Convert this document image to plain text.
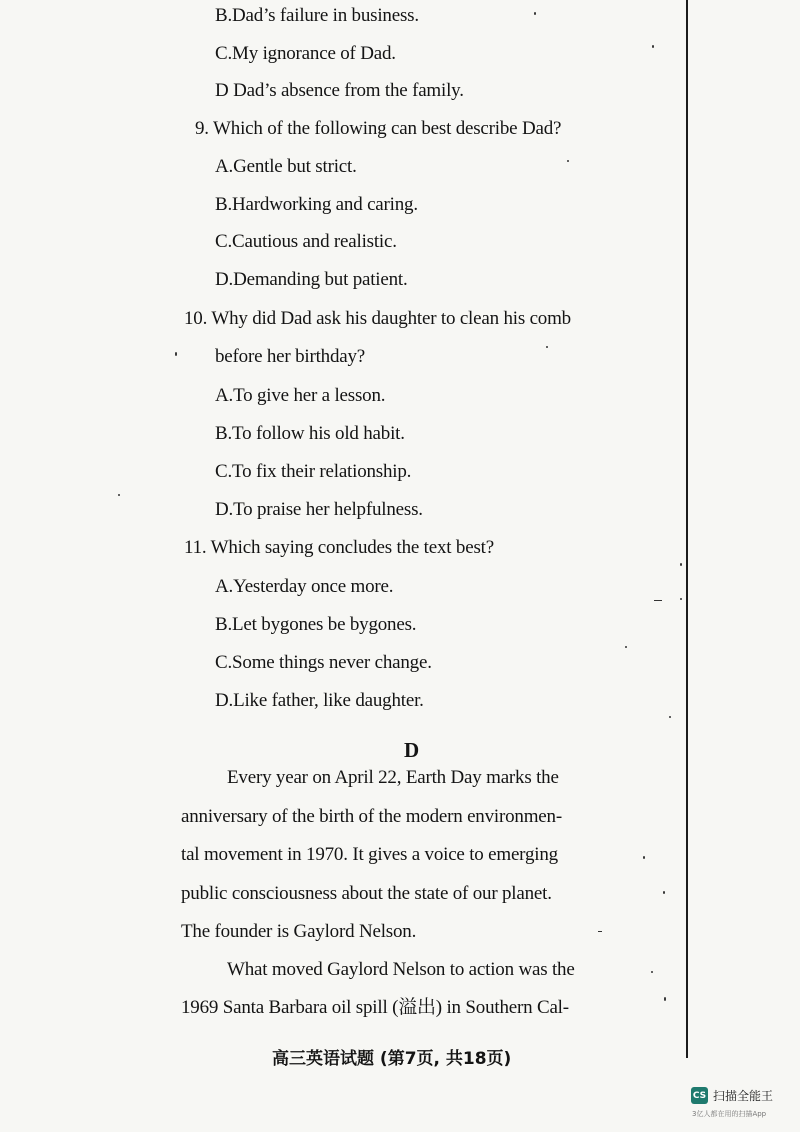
B.Dad’s failure in business.
C.My ignorance of Dad.
D Dad’s absence from the family.
9. Which of the following can best describe Dad?
A.Gentle but strict.
B.Hardworking and caring.
C.Cautious and realistic.
D.Demanding but patient.
10. Why did Dad ask his daughter to clean his comb
before her birthday?
A.To give her a lesson.
B.To follow his old habit.
C.To fix their relationship.
D.To praise her helpfulness.
11. Which saying concludes the text best?
A.Yesterday once more.
B.Let bygones be bygones.
C.Some things never change.
D.Like father, like daughter.
D
Every year on April 22, Earth Day marks the
anniversary of the birth of the modern environmen-
tal movement in 1970. It gives a voice to emerging
public consciousness about the state of our planet.
The founder is Gaylord Nelson.
What moved Gaylord Nelson to action was the
1969 Santa Barbara oil spill (溢出) in Southern Cal-
高三英语试题 (第7页, 共18页)
CS 扫描全能王
3亿人都在用的扫描App
